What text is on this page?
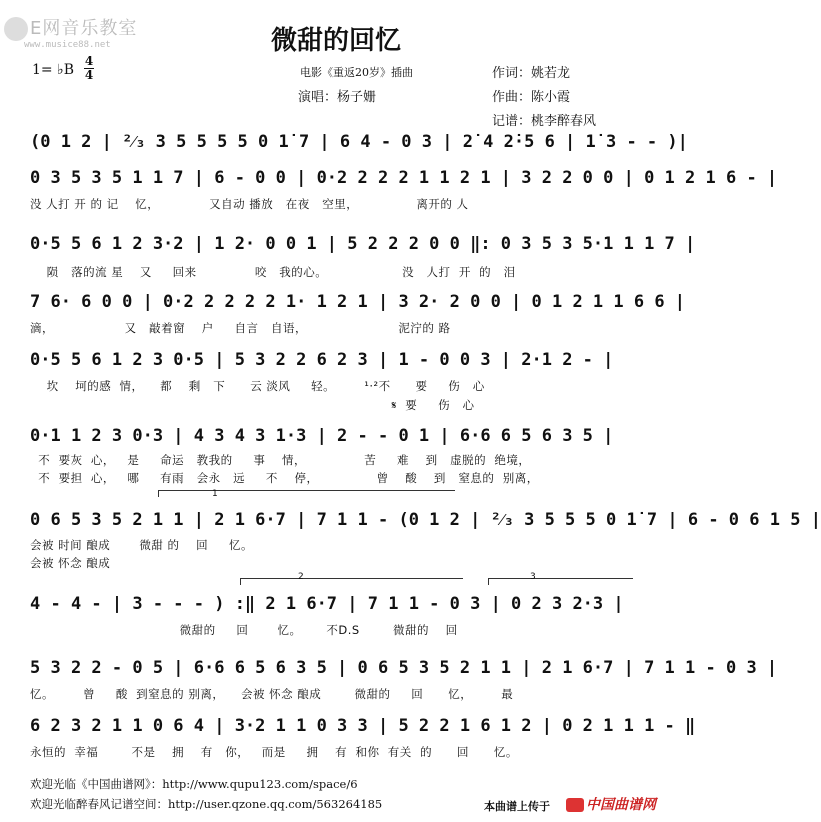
E网音乐教室
www.musice88.net	微甜的回忆
1= ♭B
4
4	电影《重返20岁》插曲	作词：姚若龙
演唱：杨子姗	作曲：陈小霞
记谱：桃李醉春风
(0 1 2 | ²⁄₃ 3 5 5 5 5 0 1̇ 7 | 6 4 - 0 3 | 2̇ 4 2̇·5 6 | 1̇ 3 - - )|
0 3 5 3 5 1 1 7 | 6 - 0 0 | 0·2 2 2 2 1 1 2 1 | 3 2 2 0 0 | 0 1 2 1 6 - |
没 人打 开 的 记    忆，            又自动 播放   在夜   空里，              离开的 人
0·5 5 6 1 2 3·2 | 1 2· 0 0 1 | 5 2 2 2 0 0 ‖: 0 3 5 3 5·1 1 1 7 |
陨   落的流 星    又     回来              咬   我的心。                  没   人打  开  的   泪
7 6· 6 0 0 | 0·2 2 2 2 2 1· 1 2 1 | 3 2· 2 0 0 | 0 1 2 1 1 6 6 |
滴，                 又   敲着窗    户     自言   自语，                      泥泞的 路
0·5 5 6 1 2 3 0·5 | 5 3 2 2 6 2 3 | 1 - 0 0 3 | 2·1 2 - |
坎    坷的感  情，    都    剩   下      云 淡风     轻。       ¹·²不      要     伤   心
𝄋  要     伤   心
0·1 1 2 3 0·3 | 4 3 4 3 1·3 | 2 - - 0 1 | 6·6 6 5 6 3 5 |
不  要灰  心，   是     命运   教我的     事    情，              苦     难    到   虚脱的  绝境，
不  要担  心，   哪     有雨   会永   远     不    停，              曾    酸    到   窒息的  别离，
1
0 6 5 3 5 2 1 1 | 2 1 6·7 | 7 1 1 - (0 1 2 | ²⁄₃ 3 5 5 5 0 1̇ 7 | 6 - 0 6 1 5 |
会被 时间 酿成       微甜 的    回     忆。
会被 怀念 酿成
2	3
4 - 4 - | 3 - - - ) :‖ 2 1 6·7 | 7 1 1 - 0 3 | 0 2 3 2·3 |
微甜的     回       忆。      不D.S        微甜的    回
5 3 2 2 - 0 5 | 6·6 6 5 6 3 5 | 0 6 5 3 5 2 1 1 | 2 1 6·7 | 7 1 1 - 0 3 |
忆。       曾     酸  到窒息的 别离，    会被 怀念 酿成        微甜的     回      忆，       最
6 2 3 2 1 1 0 6 4 | 3·2 1 1 0 3 3 | 5 2 2 1 6 1 2 | 0 2 1 1 1 - ‖
永恒的  幸福        不是    拥    有   你，   而是     拥    有  和你  有关  的      回      忆。
欢迎光临《中国曲谱网》：http://www.qupu123.com/space/6
欢迎光临醉春风记谱空间：http://user.qzone.qq.com/563264185	本曲谱上传于	中国曲谱网
